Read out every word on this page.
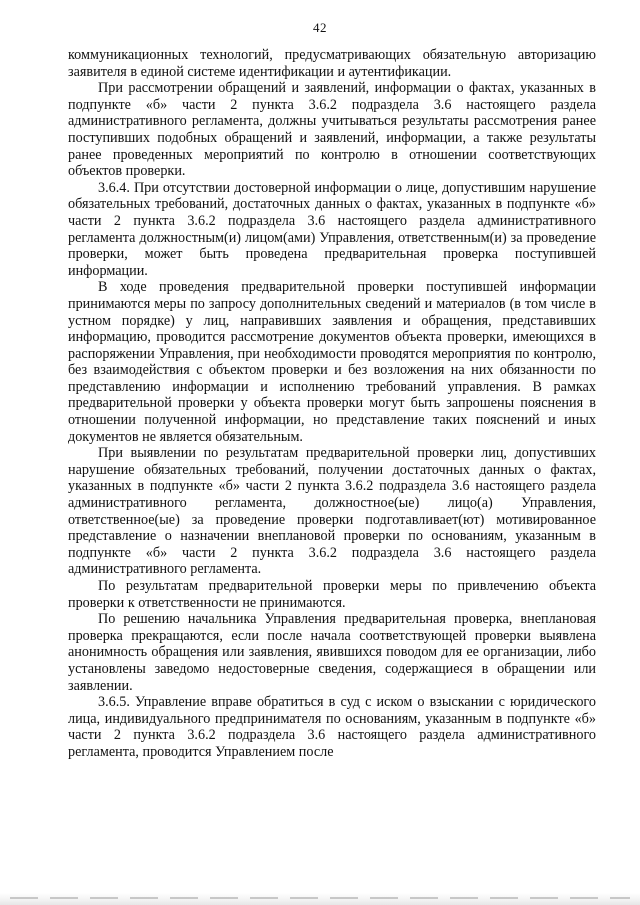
42

коммуникационных технологий, предусматривающих обязательную авторизацию заявителя в единой системе идентификации и аутентификации.

При рассмотрении обращений и заявлений, информации о фактах, указанных в подпункте «б» части 2 пункта 3.6.2 подраздела 3.6 настоящего раздела административного регламента, должны учитываться результаты рассмотрения ранее поступивших подобных обращений и заявлений, информации, а также результаты ранее проведенных мероприятий по контролю в отношении соответствующих объектов проверки.

3.6.4. При отсутствии достоверной информации о лице, допустившим нарушение обязательных требований, достаточных данных о фактах, указанных в подпункте «б» части 2 пункта 3.6.2 подраздела 3.6 настоящего раздела административного регламента должностным(и) лицом(ами) Управления, ответственным(и) за проведение проверки, может быть проведена предварительная проверка поступившей информации.

В ходе проведения предварительной проверки поступившей информации принимаются меры по запросу дополнительных сведений и материалов (в том числе в устном порядке) у лиц, направивших заявления и обращения, представивших информацию, проводится рассмотрение документов объекта проверки, имеющихся в распоряжении Управления, при необходимости проводятся мероприятия по контролю, без взаимодействия с объектом проверки и без возложения на них обязанности по представлению информации и исполнению требований управления. В рамках предварительной проверки у объекта проверки могут быть запрошены пояснения в отношении полученной информации, но представление таких пояснений и иных документов не является обязательным.

При выявлении по результатам предварительной проверки лиц, допустивших нарушение обязательных требований, получении достаточных данных о фактах, указанных в подпункте «б» части 2 пункта 3.6.2 подраздела 3.6 настоящего раздела административного регламента, должностное(ые) лицо(а) Управления, ответственное(ые) за проведение проверки подготавливает(ют) мотивированное представление о назначении внеплановой проверки по основаниям, указанным в подпункте «б» части 2 пункта 3.6.2 подраздела 3.6 настоящего раздела административного регламента.

По результатам предварительной проверки меры по привлечению объекта проверки к ответственности не принимаются.

По решению начальника Управления предварительная проверка, внеплановая проверка прекращаются, если после начала соответствующей проверки выявлена анонимность обращения или заявления, явившихся поводом для ее организации, либо установлены заведомо недостоверные сведения, содержащиеся в обращении или заявлении.

3.6.5. Управление вправе обратиться в суд с иском о взыскании с юридического лица, индивидуального предпринимателя по основаниям, указанным в подпункте «б» части 2 пункта 3.6.2 подраздела 3.6 настоящего раздела административного регламента, проводится Управлением после
